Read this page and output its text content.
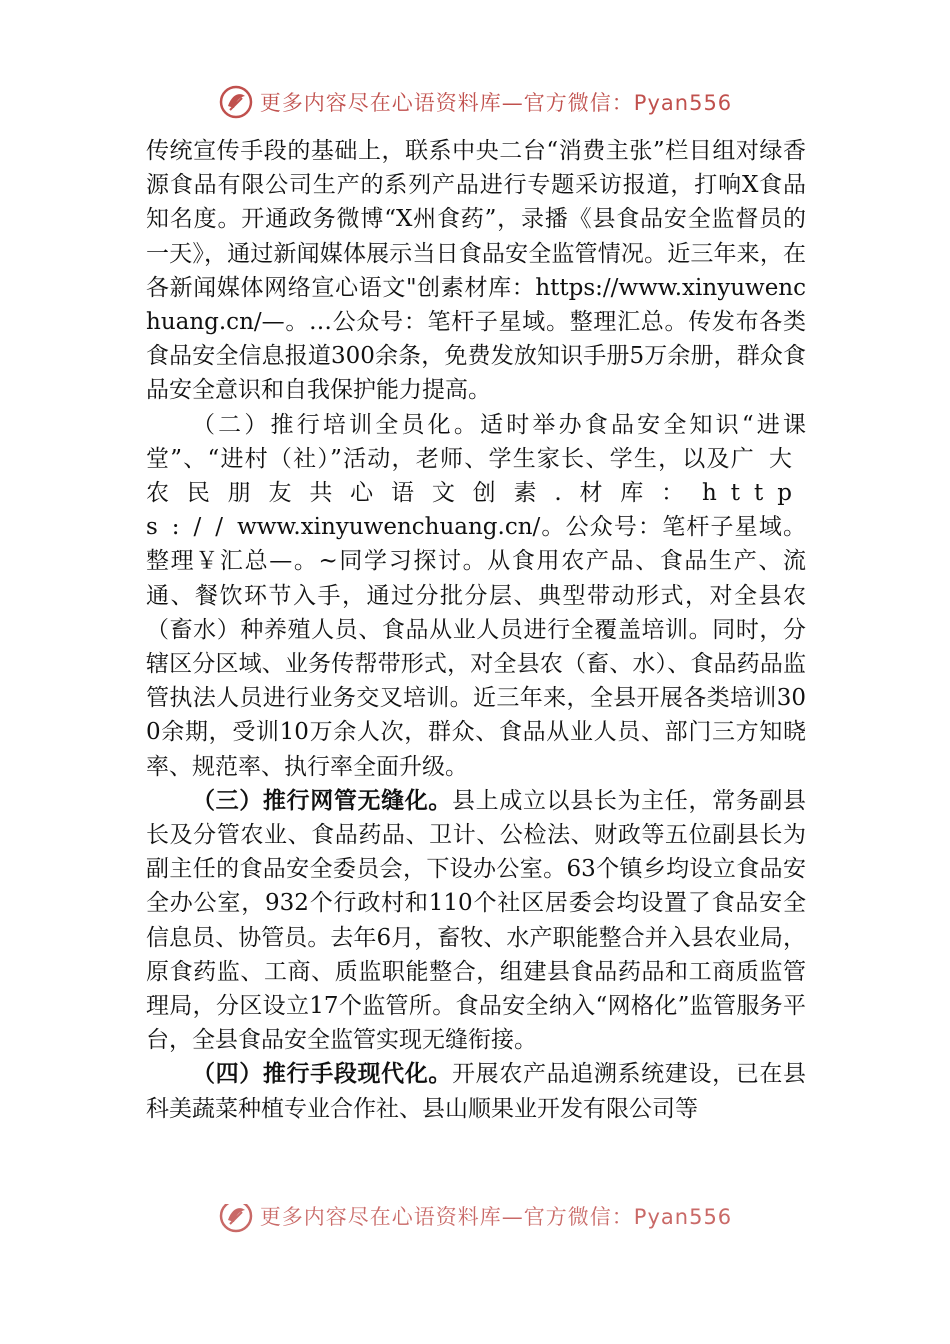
更多内容尽在心语资料库—官方微信：Pyan556

传统宣传手段的基础上，联系中央二台“消费主张”栏目组对绿香源食品有限公司生产的系列产品进行专题采访报道，打响X食品知名度。开通政务微博“X州食药”，录播《县食品安全监督员的一天》，通过新闻媒体展示当日食品安全监管情况。近三年来，在各新闻媒体网络宣心语文"创素材库：https://www.xinyuwenchuang.cn/—。…公众号：笔杆子星域。整理汇总。传发布各类食品安全信息报道300余条，免费发放知识手册5万余册，群众食品安全意识和自我保护能力提高。

（二）推行培训全员化。适时举办食品安全知识“进课堂”、“进村（社）”活动，老师、学生家长、学生，以及广大农民朋友共心语文创素.材库：https://www.xinyuwenchuang.cn/。公众号：笔杆子星域。整理￥汇总—。~同学习探讨。从食用农产品、食品生产、流通、餐饮环节入手，通过分批分层、典型带动形式，对全县农（畜水）种养殖人员、食品从业人员进行全覆盖培训。同时，分辖区分区域、业务传帮带形式，对全县农（畜、水）、食品药品监管执法人员进行业务交叉培训。近三年来，全县开展各类培训300余期，受训10万余人次，群众、食品从业人员、部门三方知晓率、规范率、执行率全面升级。

（三）推行网管无缝化。县上成立以县长为主任，常务副县长及分管农业、食品药品、卫计、公检法、财政等五位副县长为副主任的食品安全委员会，下设办公室。63个镇乡均设立食品安全办公室，932个行政村和110个社区居委会均设置了食品安全信息员、协管员。去年6月，畜牧、水产职能整合并入县农业局，原食药监、工商、质监职能整合，组建县食品药品和工商质监管理局，分区设立17个监管所。食品安全纳入“网格化”监管服务平台，全县食品安全监管实现无缝衔接。

（四）推行手段现代化。开展农产品追溯系统建设，已在县科美蔬菜种植专业合作社、县山顺果业开发有限公司等

更多内容尽在心语资料库—官方微信：Pyan556
